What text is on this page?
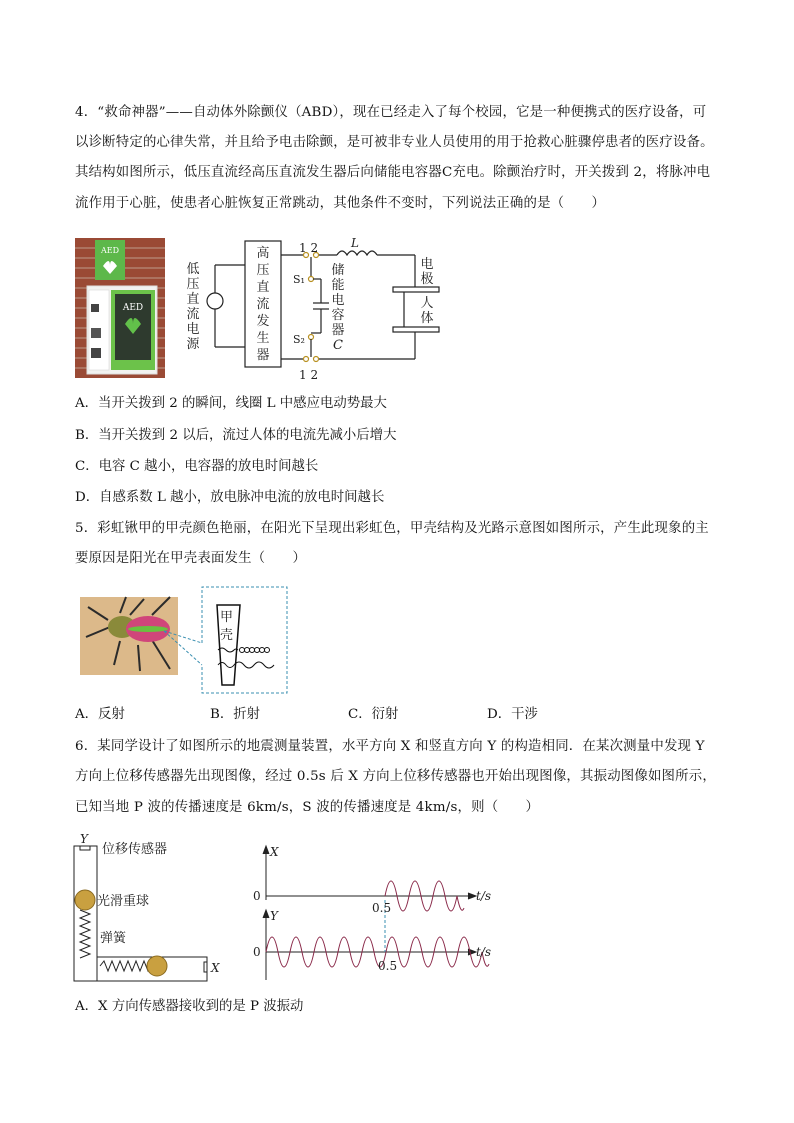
4．“救命神器”——自动体外除颤仪（ABD），现在已经走入了每个校园，它是一种便携式的医疗设备，可
以诊断特定的心律失常，并且给予电击除颤，是可被非专业人员使用的用于抢救心脏骤停患者的医疗设备。
其结构如图所示，低压直流经高压直流发生器后向储能电容器C充电。除颤治疗时，开关拨到 2，将脉冲电
流作用于心脏，使患者心脏恢复正常跳动，其他条件不变时，下列说法正确的是（　　）
AED
AED
1 2
1 2
L
S₁
S₂
低
压
直
流
电
源
高
压
直
流
发
生
器
储
能
电
容
器
C
电
极
人
体
A．当开关拨到 2 的瞬间，线圈 L 中感应电动势最大
B．当开关拨到 2 以后，流过人体的电流先减小后增大
C．电容 C 越小，电容器的放电时间越长
D．自感系数 L 越小，放电脉冲电流的放电时间越长
5．彩虹锹甲的甲壳颜色艳丽，在阳光下呈现出彩虹色，甲壳结构及光路示意图如图所示，产生此现象的主
要原因是阳光在甲壳表面发生（　　）
甲
壳
A．反射	B．折射	C．衍射	D．干涉
6．某同学设计了如图所示的地震测量装置，水平方向 X 和竖直方向 Y 的构造相同．在某次测量中发现 Y
方向上位移传感器先出现图像，经过 0.5s 后 X 方向上位移传感器也开始出现图像，其振动图像如图所示，
已知当地 P 波的传播速度是 6km/s，S 波的传播速度是 4km/s，则（　　）
Y
X
位移传感器
光滑重球
弹簧
X
Y
0
0
t/s
t/s
0.5
0.5
A．X 方向传感器接收到的是 P 波振动
